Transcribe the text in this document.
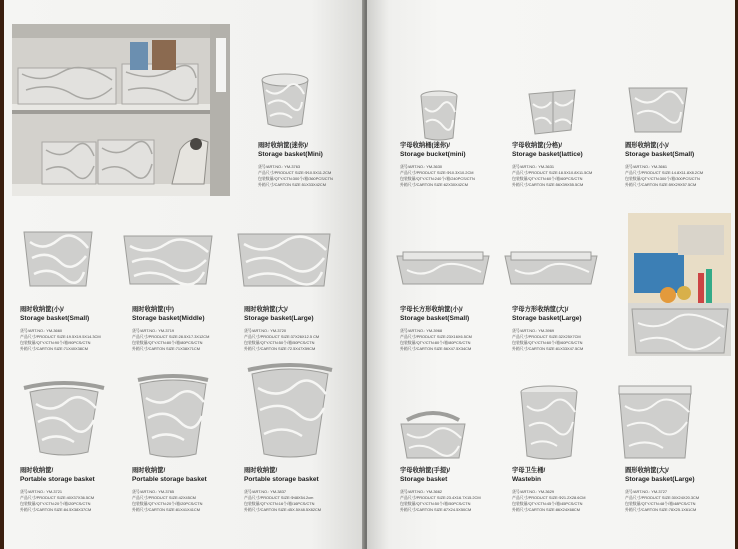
雨时收纳筐(迷你)/
Storage basket(Mini)
货号/ART.NO.: YM-3763
产品尺寸/PRODUCT SIZE:Φ10.5X11.2CM
包装数量/QTY/CTN:300个/箱/360PCS/CTN
外箱尺寸/CARTON SIZE:51X33X42CM
雨时收纳筐(小)/
Storage basket(Small)
货号/ART.NO.: YM-3660
产品尺寸/PRODUCT SIZE:19.5X19.5X14.3CM
包装数量/QTY/CTN:90个/箱/90PCS/CTN
外箱尺寸/CARTON SIZE:71X40X38CM
雨时收纳筐(中)
Storage basket(Middle)
货号/ART.NO.: YM-3719
产品尺寸/PRODUCT SIZE:28.5X17.3X12CM
包装数量/QTY/CTN:80个/箱/80PCS/CTN
外箱尺寸/CARTON SIZE:71X38X71CM
雨时收纳筐(大)/
Storage basket(Large)
货号/ART.NO.: YM-3720
产品尺寸/PRODUCT SIZE:37X26X12.5 CM
包装数量/QTY/CTN:50个/箱/50PCS/CTN
外箱尺寸/CARTON SIZE:72.5X47X59CM
雨时收纳筐/
Portable storage basket
货号/ART.NO.: YM-3721
产品尺寸/PRODUCT SIZE:40X37X36.5CM
包装数量/QTY/CTN:20个/箱/20PCS/CTN
外箱尺寸/CARTON SIZE:84.5X38X37CM
雨时收纳筐/
Portable storage basket
货号/ART.NO.: YM-3765
产品尺寸/PRODUCT SIZE:42X45CM
包装数量/QTY/CTN:20个/箱/20PCS/CTN
外箱尺寸/CARTON SIZE:81X41X41CM
雨时收纳筐/
Portable storage basket
货号/ART.NO.: YM-3837
产品尺寸/PRODUCT SIZE:Φ48X54.2cm
包装数量/QTY/CTN:16个/箱/16PCS/CTN
外箱尺寸/CARTON SIZE:45X.5X48.5X82CM
宇母收纳桶(迷你)/
Storage bucket(mini)
货号/ART.NO.: YM-3630
产品尺寸/PRODUCT SIZE:Φ10.3X10.2CM
包装数量/QTY/CTN:240个/箱/240PCS/CTN
外箱尺寸/CARTON SIZE:62X30X42CM
宇母收纳筐(分格)/
Storage basket(lattice)
货号/ART.NO.: YM-3631
产品尺寸/PRODUCT SIZE:18.5X10.8X11.5CM
包装数量/QTY/CTN:60个/箱/60PCS/CTN
外箱尺寸/CARTON SIZE:56X39X55.5CM
圆形收纳筐(小)/
Storage basket(Small)
货号/ART.NO.: YM-3661
产品尺寸/PRODUCT SIZE:14.8X11.8X8.2CM
包装数量/QTY/CTN:300个/箱/300PCS/CTN
外箱尺寸/CARTON SIZE:59X29X57.5CM
宇母长方形收纳筐(小)/
Storage basket(Small)
货号/ART.NO.: YM-3968
产品尺寸/PRODUCT SIZE:23X16X6.5CM
包装数量/QTY/CTN:80个/箱/80PCS/CTN
外箱尺寸/CARTON SIZE:56X47.5X34CM
宇母方形收纳筐(大)/
Storage basket(Large)
货号/ART.NO.: YM-3969
产品尺寸/PRODUCT SIZE:32X25X7CM
包装数量/QTY/CTN:60个/箱/60PCS/CTN
外箱尺寸/CARTON SIZE:81X33X47.5CM
宇母收纳筐(手提)/
Storage basket
货号/ART.NO.: YM-3662
产品尺寸/PRODUCT SIZE:23.4X16.7X15.2CM
包装数量/QTY/CTN:50个/箱/50PCS/CTN
外箱尺寸/CARTON SIZE:87X24.5X50CM
宇母卫生桶/
Wastebin
货号/ART.NO.: YM-3629
产品尺寸/PRODUCT SIZE:Φ21.2X28.6CM
包装数量/QTY/CTN:45个/箱/45PCS/CTN
外箱尺寸/CARTON SIZE:86X24X68CM
圆形收纳筐(大)/
Storage basket(Large)
货号/ART.NO.: YM-3727
产品尺寸/PRODUCT SIZE:30X24X20.3CM
包装数量/QTY/CTN:48个/箱/48PCS/CTN
外箱尺寸/CARTON SIZE:78X25.1X61CM
